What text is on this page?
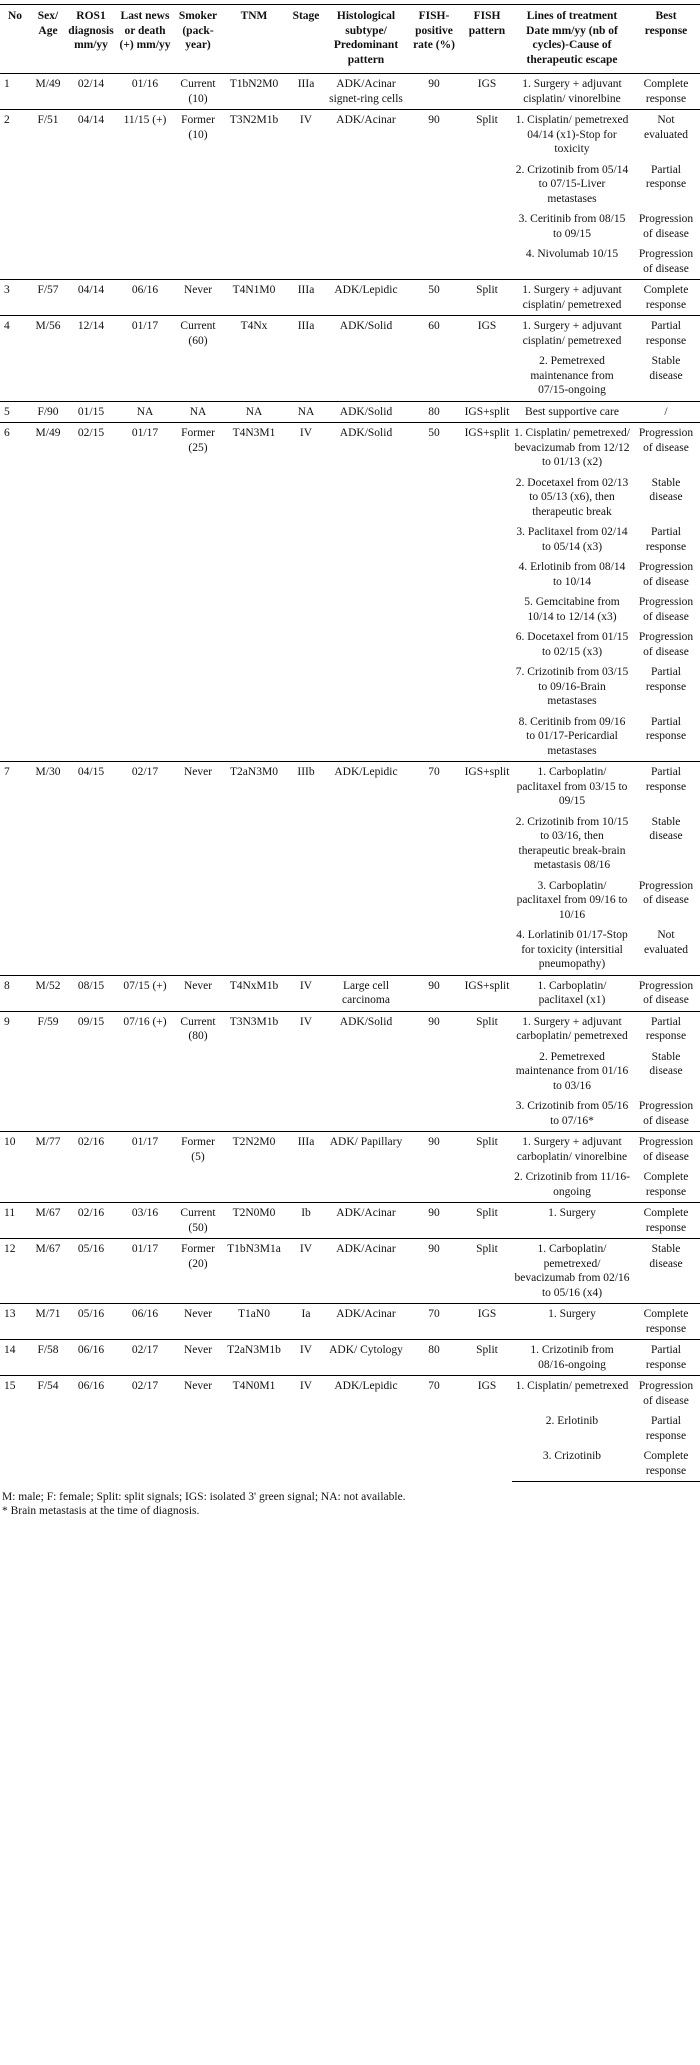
No	Sex/ Age	ROS1 diagnosis mm/yy	Last news or death (+) mm/yy	Smoker (pack- year)	TNM	Stage	Histological subtype/ Predominant pattern	FISH- positive rate (%)	FISH pattern	Lines of treatment Date mm/yy (nb of cycles)-Cause of therapeutic escape	Best response
1	M/49	02/14	01/16	Current (10)	T1bN2M0	IIIa	ADK/Acinar signet-ring cells	90	IGS	1. Surgery + adjuvant cisplatin/ vinorelbine	Complete response
2	F/51	04/14	11/15 (+)	Former (10)	T3N2M1b	IV	ADK/Acinar	90	Split	1. Cisplatin/ pemetrexed 04/14 (x1)-Stop for toxicity	Not evaluated
										2. Crizotinib from 05/14 to 07/15-Liver metastases	Partial response
										3. Ceritinib from 08/15 to 09/15	Progression of disease
										4. Nivolumab 10/15	Progression of disease
3	F/57	04/14	06/16	Never	T4N1M0	IIIa	ADK/Lepidic	50	Split	1. Surgery + adjuvant cisplatin/ pemetrexed	Complete response
4	M/56	12/14	01/17	Current (60)	T4Nx	IIIa	ADK/Solid	60	IGS	1. Surgery + adjuvant cisplatin/ pemetrexed	Partial response
										2. Pemetrexed maintenance from 07/15-ongoing	Stable disease
5	F/90	01/15	NA	NA	NA	NA	ADK/Solid	80	IGS+split	Best supportive care	/
6	M/49	02/15	01/17	Former (25)	T4N3M1	IV	ADK/Solid	50	IGS+split	1. Cisplatin/ pemetrexed/ bevacizumab from 12/12 to 01/13 (x2)	Progression of disease
										2. Docetaxel from 02/13 to 05/13 (x6), then therapeutic break	Stable disease
										3. Paclitaxel from 02/14 to 05/14 (x3)	Partial response
										4. Erlotinib from 08/14 to 10/14	Progression of disease
										5. Gemcitabine from 10/14 to 12/14 (x3)	Progression of disease
										6. Docetaxel from 01/15 to 02/15 (x3)	Progression of disease
										7. Crizotinib from 03/15 to 09/16-Brain metastases	Partial response
										8. Ceritinib from 09/16 to 01/17-Pericardial metastases	Partial response
7	M/30	04/15	02/17	Never	T2aN3M0	IIIb	ADK/Lepidic	70	IGS+split	1. Carboplatin/ paclitaxel from 03/15 to 09/15	Partial response
										2. Crizotinib from 10/15 to 03/16, then therapeutic break-brain metastasis 08/16	Stable disease
										3. Carboplatin/ paclitaxel from 09/16 to 10/16	Progression of disease
										4. Lorlatinib 01/17-Stop for toxicity (intersitial pneumopathy)	Not evaluated
8	M/52	08/15	07/15 (+)	Never	T4NxM1b	IV	Large cell carcinoma	90	IGS+split	1. Carboplatin/ paclitaxel (x1)	Progression of disease
9	F/59	09/15	07/16 (+)	Current (80)	T3N3M1b	IV	ADK/Solid	90	Split	1. Surgery + adjuvant carboplatin/ pemetrexed	Partial response
										2. Pemetrexed maintenance from 01/16 to 03/16	Stable disease
										3. Crizotinib from 05/16 to 07/16*	Progression of disease
10	M/77	02/16	01/17	Former (5)	T2N2M0	IIIa	ADK/ Papillary	90	Split	1. Surgery + adjuvant carboplatin/ vinorelbine	Progression of disease
										2. Crizotinib from 11/16-ongoing	Complete response
11	M/67	02/16	03/16	Current (50)	T2N0M0	Ib	ADK/Acinar	90	Split	1. Surgery	Complete response
12	M/67	05/16	01/17	Former (20)	T1bN3M1a	IV	ADK/Acinar	90	Split	1. Carboplatin/ pemetrexed/ bevacizumab from 02/16 to 05/16 (x4)	Stable disease
13	M/71	05/16	06/16	Never	T1aN0	Ia	ADK/Acinar	70	IGS	1. Surgery	Complete response
14	F/58	06/16	02/17	Never	T2aN3M1b	IV	ADK/ Cytology	80	Split	1. Crizotinib from 08/16-ongoing	Partial response
15	F/54	06/16	02/17	Never	T4N0M1	IV	ADK/Lepidic	70	IGS	1. Cisplatin/ pemetrexed	Progression of disease
										2. Erlotinib	Partial response
										3. Crizotinib	Complete response
M: male; F: female; Split: split signals; IGS: isolated 3' green signal; NA: not available.
* Brain metastasis at the time of diagnosis.
